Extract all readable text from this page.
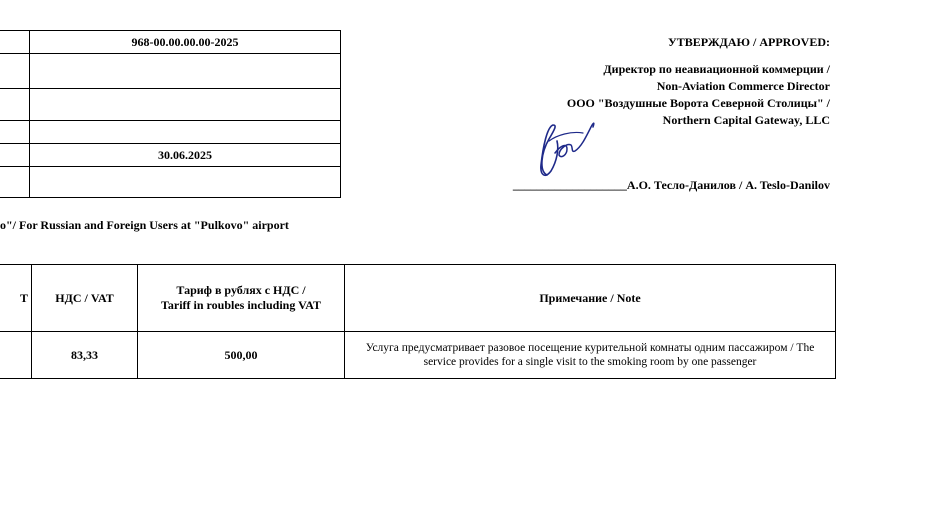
	968-00.00.00.00-2025

	30.06.2025

УТВЕРЖДАЮ / APPROVED:
Директор по неавиационной коммерции /
Non-Aviation Commerce Director
ООО "Воздушные Ворота Северной Столицы" /
Northern Capital Gateway, LLC
___________________А.О. Тесло-Данилов / A. Teslo-Danilov
о"/ For Russian and Foreign Users at "Pulkovo" airport
T	НДС / VAT	Тариф в рублях с НДС /
Tariff in roubles including VAT	Примечание / Note
	83,33	500,00	Услуга предусматривает разовое посещение курительной комнаты одним пассажиром / The service provides for a single visit to the smoking room by one passenger
